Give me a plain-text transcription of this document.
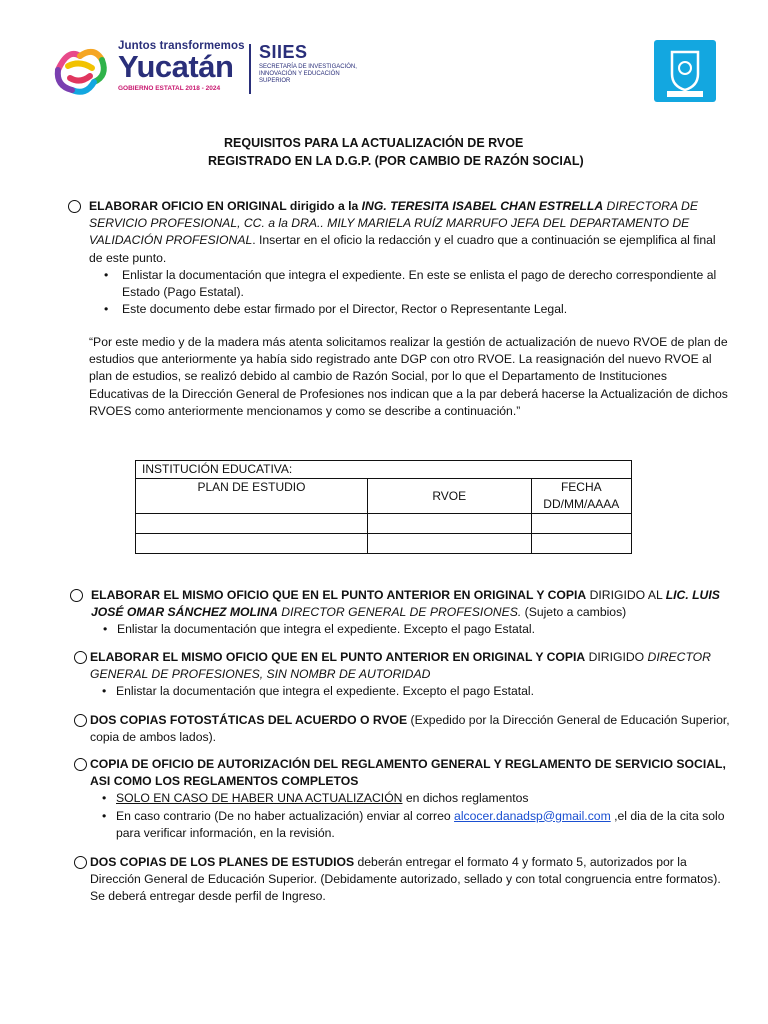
Juntos transformemos
Yucatán
GOBIERNO ESTATAL 2018 - 2024
SIIES
SECRETARÍA DE INVESTIGACIÓN,
INNOVACIÓN Y EDUCACIÓN
SUPERIOR
REQUISITOS PARA LA ACTUALIZACIÓN DE RVOE
REGISTRADO EN LA D.G.P. (POR CAMBIO DE RAZÓN SOCIAL)
ELABORAR OFICIO EN ORIGINAL dirigido a la ING. TERESITA ISABEL CHAN ESTRELLA DIRECTORA DE SERVICIO PROFESIONAL, CC. a la DRA.. MILY MARIELA RUÍZ MARRUFO JEFA DEL DEPARTAMENTO DE VALIDACIÓN PROFESIONAL. Insertar en el oficio la redacción y el cuadro que a continuación se ejemplifica al final de este punto.
• Enlistar la documentación que integra el expediente. En este se enlista el pago de derecho correspondiente al Estado (Pago Estatal).
• Este documento debe estar firmado por el Director, Rector o Representante Legal.
“Por este medio y de la madera más atenta solicitamos realizar la gestión de actualización de nuevo RVOE de plan de estudios que anteriormente ya había sido registrado ante DGP con otro RVOE. La reasignación del nuevo RVOE al plan de estudios, se realizó debido al cambio de Razón Social, por lo que el Departamento de Instituciones Educativas de la Dirección General de Profesiones nos indican que a la par deberá hacerse la Actualización de dichos RVOES como anteriormente mencionamos y como se describe a continuación.”
INSTITUCIÓN EDUCATIVA:		
PLAN DE ESTUDIO	RVOE	FECHA
DD/MM/AAAA

ELABORAR EL MISMO OFICIO QUE EN EL PUNTO ANTERIOR EN ORIGINAL Y COPIA DIRIGIDO AL LIC. LUIS JOSÉ OMAR SÁNCHEZ MOLINA DIRECTOR GENERAL DE PROFESIONES. (Sujeto a cambios)
• Enlistar la documentación que integra el expediente. Excepto el pago Estatal.
ELABORAR EL MISMO OFICIO QUE EN EL PUNTO ANTERIOR EN ORIGINAL Y COPIA DIRIGIDO DIRECTOR GENERAL DE PROFESIONES, SIN NOMBR DE AUTORIDAD
• Enlistar la documentación que integra el expediente. Excepto el pago Estatal.
DOS COPIAS FOTOSTÁTICAS DEL ACUERDO O RVOE (Expedido por la Dirección General de Educación Superior, copia de ambos lados).
COPIA DE OFICIO DE AUTORIZACIÓN DEL REGLAMENTO GENERAL Y REGLAMENTO DE SERVICIO SOCIAL, ASI COMO LOS REGLAMENTOS COMPLETOS
• SOLO EN CASO DE HABER UNA ACTUALIZACIÓN en dichos reglamentos
• En caso contrario (De no haber actualización) enviar al correo alcocer.danadsp@gmail.com ,el dia de la cita solo para verificar información, en la revisión.
DOS COPIAS DE LOS PLANES DE ESTUDIOS deberán entregar el formato 4 y formato 5, autorizados por la Dirección General de Educación Superior. (Debidamente autorizado, sellado y con total congruencia entre formatos). Se deberá entregar desde perfil de Ingreso.
